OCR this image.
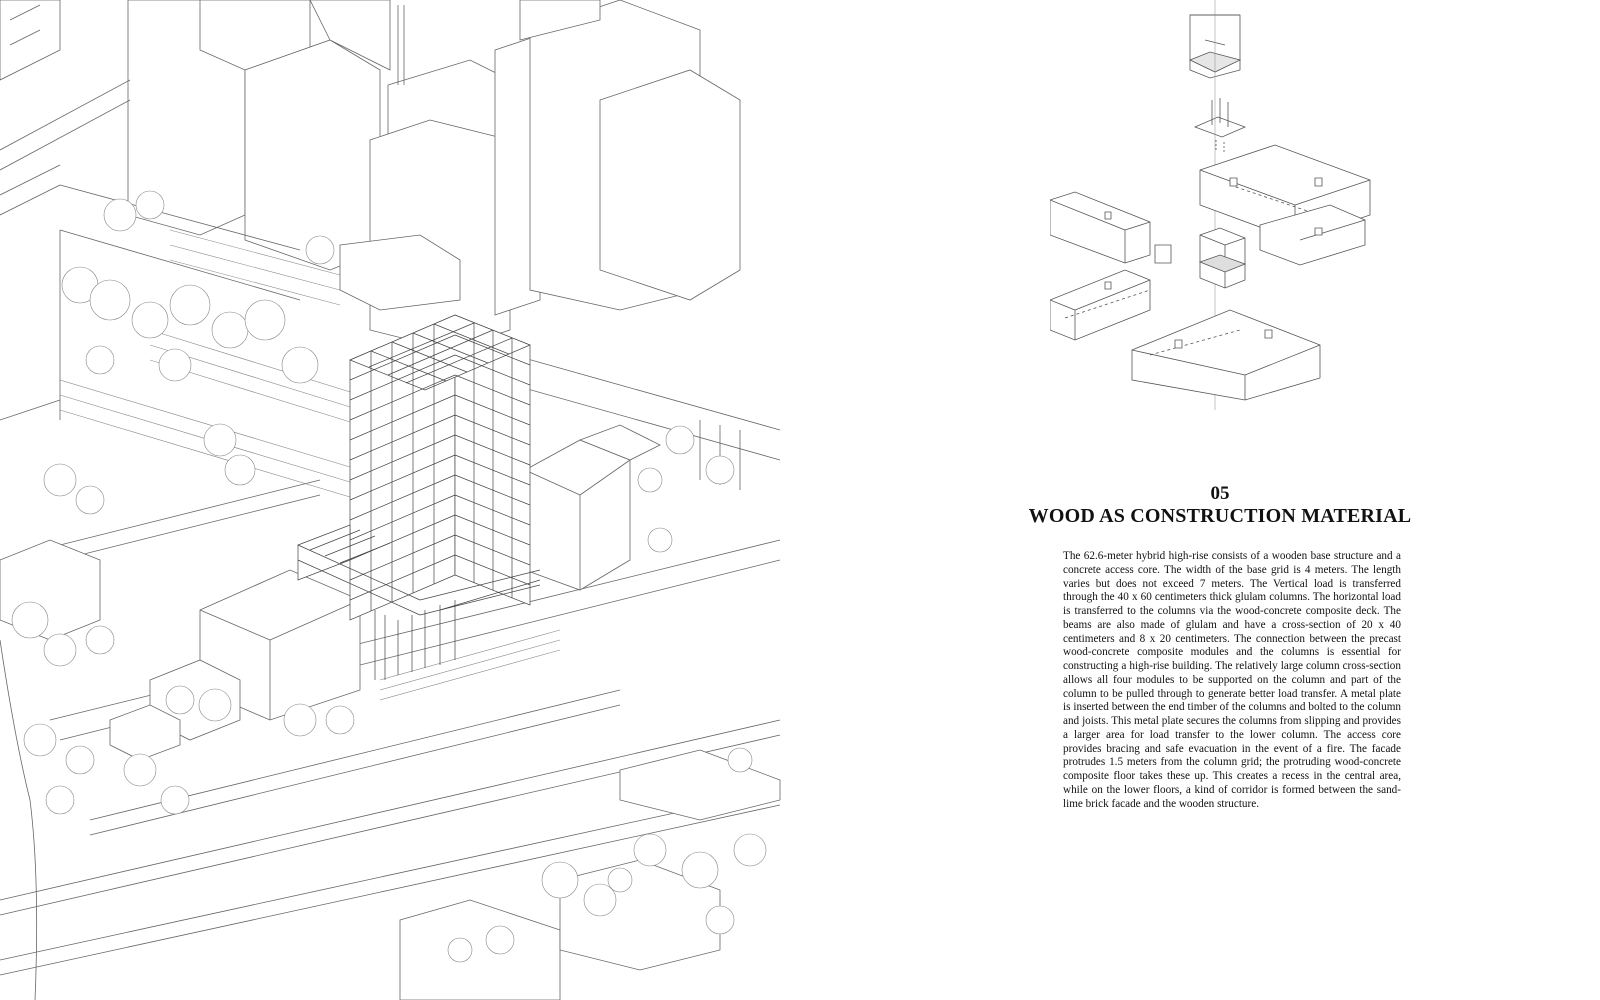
05
WOOD AS CONSTRUCTION MATERIAL

The 62.6-meter hybrid high-rise consists of a wooden base structure and a concrete access core. The width of the base grid is 4 meters. The length varies but does not exceed 7 meters. The Vertical load is transferred through the 40 x 60 centimeters thick glulam columns. The horizontal load is transferred to the columns via the wood-concrete composite deck. The beams are also made of glulam and have a cross-section of 20 x 40 centimeters and 8 x 20 centimeters. The connection between the precast wood-concrete composite modules and the columns is essential for constructing a high-rise building. The relatively large column cross-section allows all four modules to be supported on the column and part of the column to be pulled through to generate better load transfer. A metal plate is inserted between the end timber of the columns and bolted to the column and joists. This metal plate secures the columns from slipping and provides a larger area for load transfer to the lower column. The access core provides bracing and safe evacuation in the event of a fire. The facade protrudes 1.5 meters from the column grid; the protruding wood-concrete composite floor takes these up. This creates a recess in the central area, while on the lower floors, a kind of corridor is formed between the sand-lime brick facade and the wooden structure.
